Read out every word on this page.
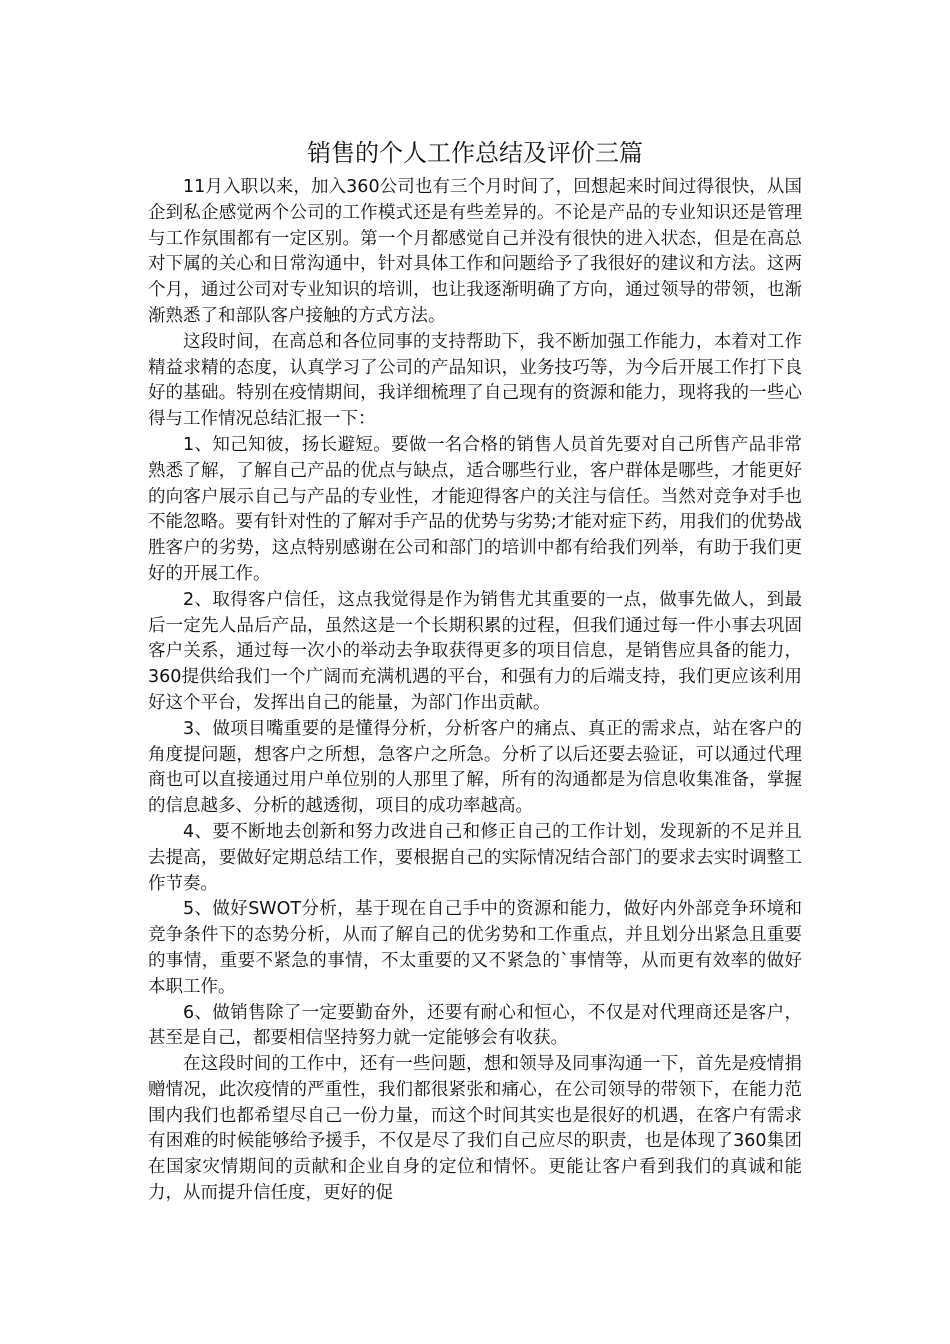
销售的个人工作总结及评价三篇

11月入职以来，加入360公司也有三个月时间了，回想起来时间过得很快，从国企到私企感觉两个公司的工作模式还是有些差异的。不论是产品的专业知识还是管理与工作氛围都有一定区别。第一个月都感觉自己并没有很快的进入状态，但是在高总对下属的关心和日常沟通中，针对具体工作和问题给予了我很好的建议和方法。这两个月，通过公司对专业知识的培训，也让我逐渐明确了方向，通过领导的带领，也渐渐熟悉了和部队客户接触的方式方法。

这段时间，在高总和各位同事的支持帮助下，我不断加强工作能力，本着对工作精益求精的态度，认真学习了公司的产品知识，业务技巧等，为今后开展工作打下良好的基础。特别在疫情期间，我详细梳理了自己现有的资源和能力，现将我的一些心得与工作情况总结汇报一下：

1、知己知彼，扬长避短。要做一名合格的销售人员首先要对自己所售产品非常熟悉了解，了解自己产品的优点与缺点，适合哪些行业，客户群体是哪些，才能更好的向客户展示自己与产品的专业性，才能迎得客户的关注与信任。当然对竞争对手也不能忽略。要有针对性的了解对手产品的优势与劣势;才能对症下药，用我们的优势战胜客户的劣势，这点特别感谢在公司和部门的培训中都有给我们列举，有助于我们更好的开展工作。

2、取得客户信任，这点我觉得是作为销售尤其重要的一点，做事先做人，到最后一定先人品后产品，虽然这是一个长期积累的过程，但我们通过每一件小事去巩固客户关系，通过每一次小的举动去争取获得更多的项目信息，是销售应具备的能力，360提供给我们一个广阔而充满机遇的平台，和强有力的后端支持，我们更应该利用好这个平台，发挥出自己的能量，为部门作出贡献。

3、做项目嘴重要的是懂得分析，分析客户的痛点、真正的需求点，站在客户的角度提问题，想客户之所想，急客户之所急。分析了以后还要去验证，可以通过代理商也可以直接通过用户单位别的人那里了解，所有的沟通都是为信息收集准备，掌握的信息越多、分析的越透彻，项目的成功率越高。

4、要不断地去创新和努力改进自己和修正自己的工作计划，发现新的不足并且去提高，要做好定期总结工作，要根据自己的实际情况结合部门的要求去实时调整工作节奏。

5、做好SWOT分析，基于现在自己手中的资源和能力，做好内外部竞争环境和竞争条件下的态势分析，从而了解自己的优劣势和工作重点，并且划分出紧急且重要的事情，重要不紧急的事情，不太重要的又不紧急的`事情等，从而更有效率的做好本职工作。

6、做销售除了一定要勤奋外，还要有耐心和恒心，不仅是对代理商还是客户，甚至是自己，都要相信坚持努力就一定能够会有收获。

在这段时间的工作中，还有一些问题，想和领导及同事沟通一下，首先是疫情捐赠情况，此次疫情的严重性，我们都很紧张和痛心，在公司领导的带领下，在能力范围内我们也都希望尽自己一份力量，而这个时间其实也是很好的机遇，在客户有需求有困难的时候能够给予援手，不仅是尽了我们自己应尽的职责，也是体现了360集团在国家灾情期间的贡献和企业自身的定位和情怀。更能让客户看到我们的真诚和能力，从而提升信任度，更好的促
